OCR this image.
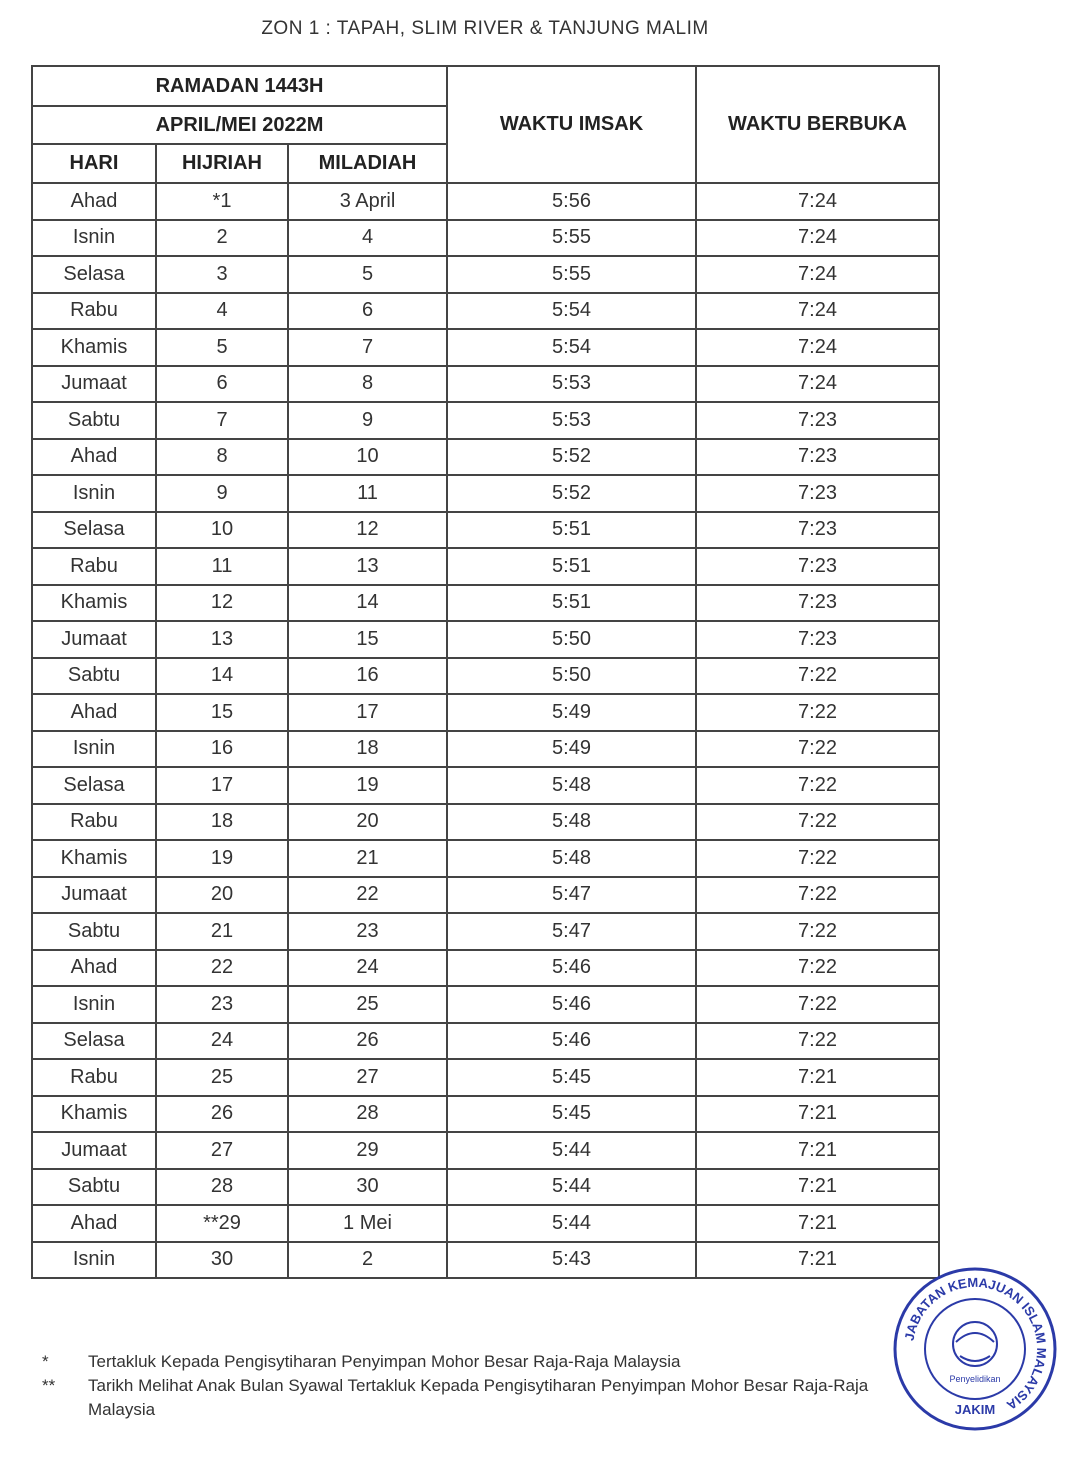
ZON 1 : TAPAH, SLIM RIVER & TANJUNG MALIM
RAMADAN 1443H			WAKTU IMSAK	WAKTU BERBUKA
APRIL/MEI 2022M				
HARI	HIJRIAH	MILADIAH		
Ahad	*1	3 April	5:56	7:24
Isnin	2	4	5:55	7:24
Selasa	3	5	5:55	7:24
Rabu	4	6	5:54	7:24
Khamis	5	7	5:54	7:24
Jumaat	6	8	5:53	7:24
Sabtu	7	9	5:53	7:23
Ahad	8	10	5:52	7:23
Isnin	9	11	5:52	7:23
Selasa	10	12	5:51	7:23
Rabu	11	13	5:51	7:23
Khamis	12	14	5:51	7:23
Jumaat	13	15	5:50	7:23
Sabtu	14	16	5:50	7:22
Ahad	15	17	5:49	7:22
Isnin	16	18	5:49	7:22
Selasa	17	19	5:48	7:22
Rabu	18	20	5:48	7:22
Khamis	19	21	5:48	7:22
Jumaat	20	22	5:47	7:22
Sabtu	21	23	5:47	7:22
Ahad	22	24	5:46	7:22
Isnin	23	25	5:46	7:22
Selasa	24	26	5:46	7:22
Rabu	25	27	5:45	7:21
Khamis	26	28	5:45	7:21
Jumaat	27	29	5:44	7:21
Sabtu	28	30	5:44	7:21
Ahad	**29	1 Mei	5:44	7:21
Isnin	30	2	5:43	7:21
*	Tertakluk Kepada Pengisytiharan Penyimpan Mohor Besar Raja-Raja Malaysia
**	Tarikh Melihat Anak Bulan Syawal Tertakluk Kepada Pengisytiharan Penyimpan Mohor Besar Raja-Raja Malaysia
JABATAN KEMAJUAN ISLAM MALAYSIA
Penyelidikan
JAKIM
